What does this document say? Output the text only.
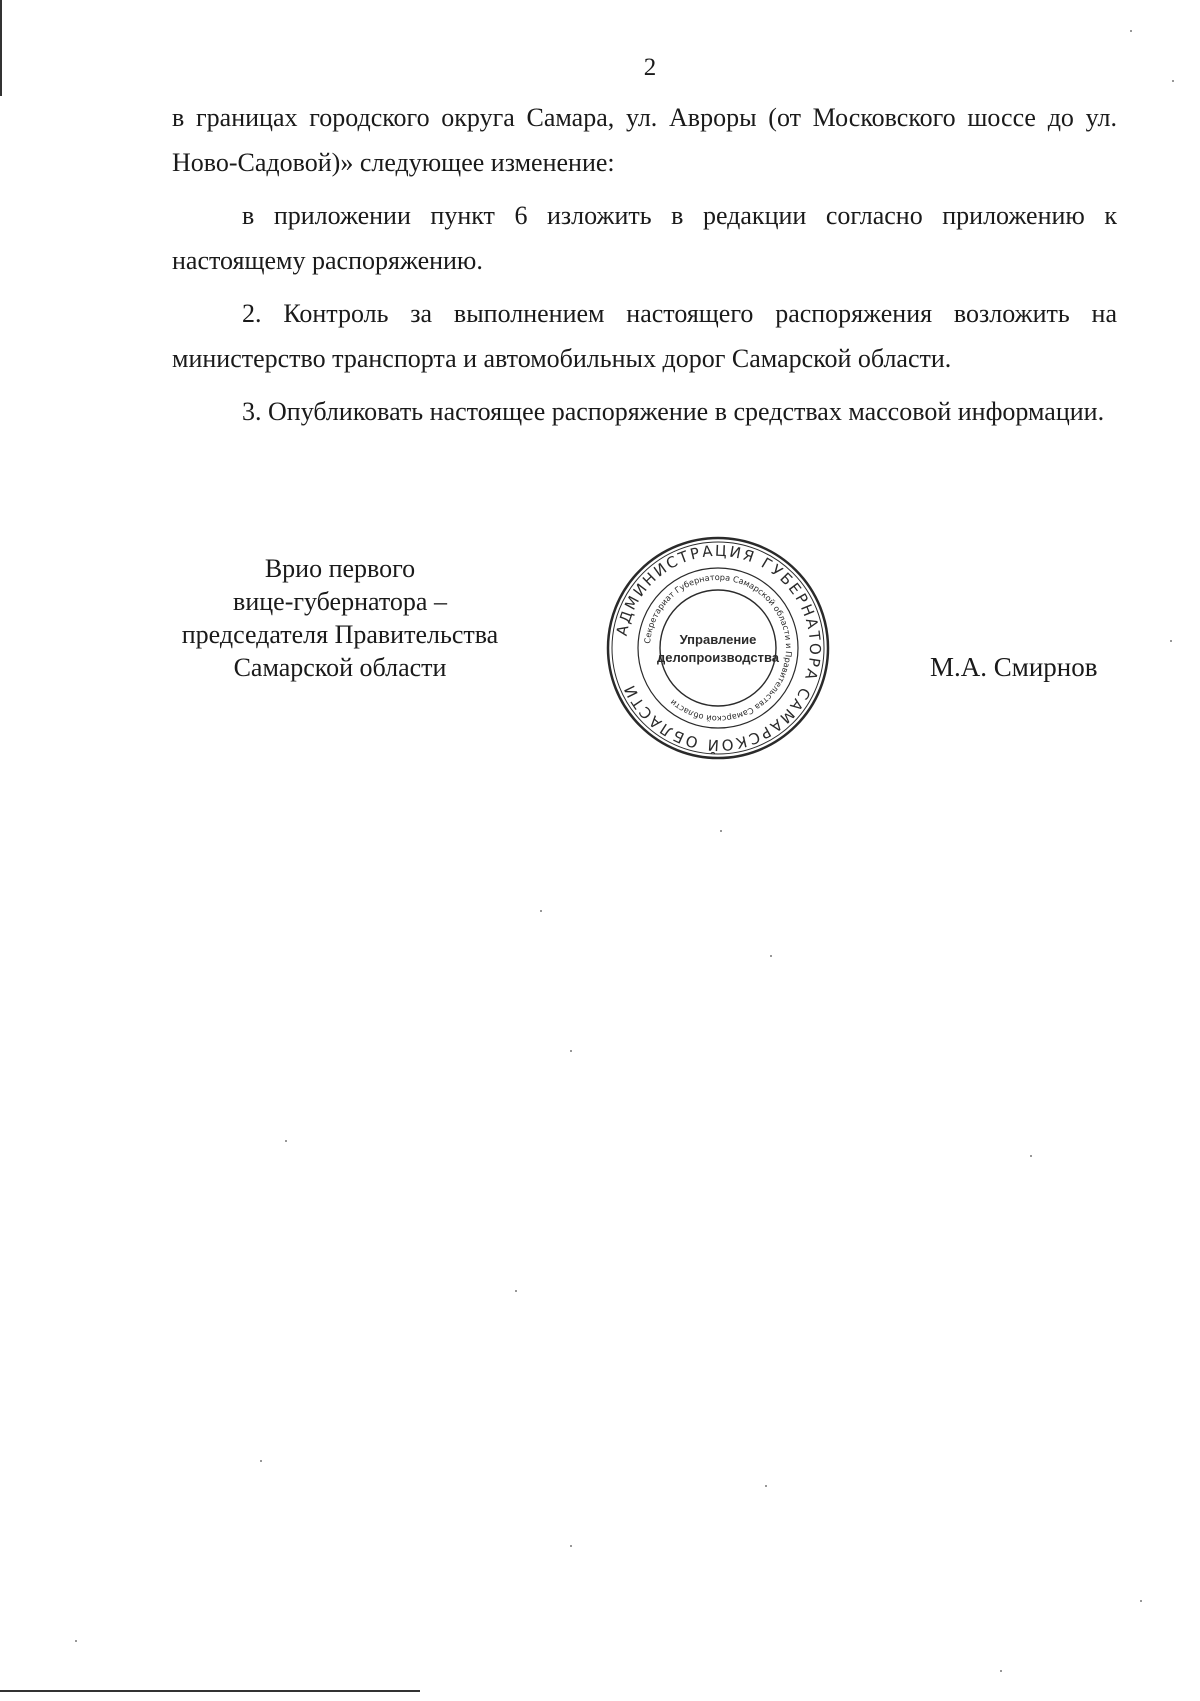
2

в границах городского округа Самара, ул. Авроры (от Московского шоссе до ул. Ново-Садовой)» следующее изменение:

в приложении пункт 6 изложить в редакции согласно приложению к настоящему распоряжению.

2. Контроль за выполнением настоящего распоряжения возложить на министерство транспорта и автомобильных дорог Самарской области.

3. Опубликовать настоящее распоряжение в средствах массовой информации.

Врио первого
вице-губернатора –
председателя Правительства
Самарской области
АДМИНИСТРАЦИЯ ГУБЕРНАТОРА САМАРСКОЙ ОБЛАСТИ
Секретариат Губернатора Самарской области и Правительства Самарской области
Управление
делопроизводства	М.А. Смирнов
